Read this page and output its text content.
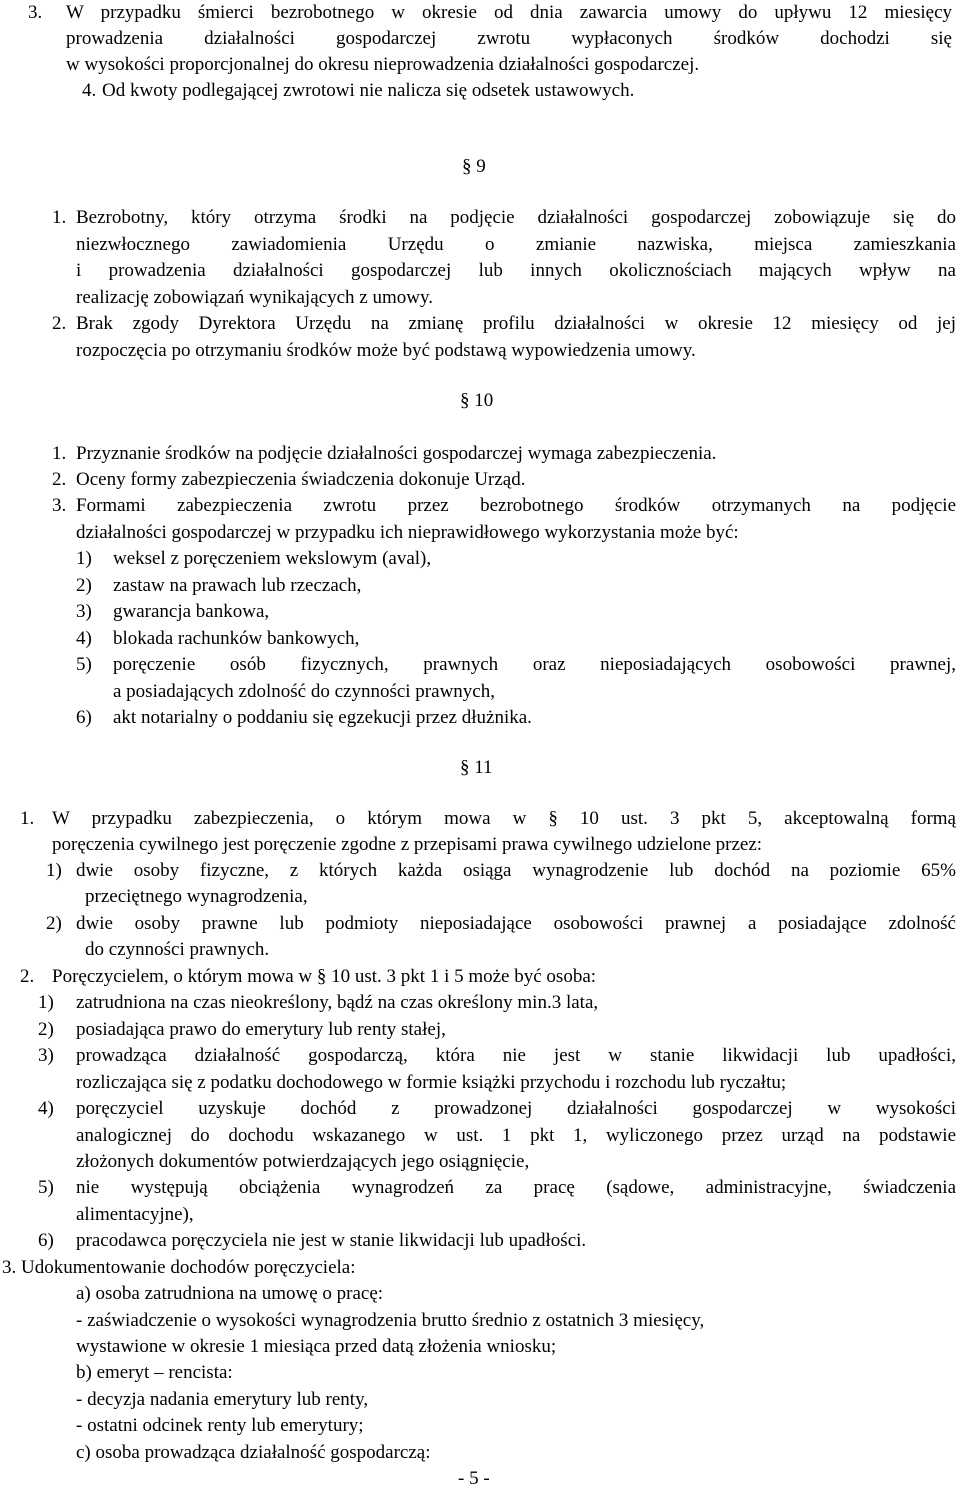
3. W przypadku śmierci bezrobotnego w okresie od dnia zawarcia umowy do upływu 12 miesięcy
prowadzenia działalności gospodarczej zwrotu wypłaconych środków dochodzi się
w wysokości proporcjonalnej do okresu nieprowadzenia działalności gospodarczej.
4. Od kwoty podlegającej zwrotowi nie nalicza się odsetek ustawowych.
§ 9
1. Bezrobotny, który otrzyma środki na podjęcie działalności gospodarczej zobowiązuje się do
niezwłocznego zawiadomienia Urzędu o zmianie nazwiska, miejsca zamieszkania
i prowadzenia działalności gospodarczej lub innych okolicznościach mających wpływ na
realizację zobowiązań wynikających z umowy.
2. Brak zgody Dyrektora Urzędu na zmianę profilu działalności w okresie 12 miesięcy od jej
rozpoczęcia po otrzymaniu środków może być podstawą wypowiedzenia umowy.
§ 10
1. Przyznanie środków na podjęcie działalności gospodarczej wymaga zabezpieczenia.
2. Oceny formy zabezpieczenia świadczenia dokonuje Urząd.
3. Formami zabezpieczenia zwrotu przez bezrobotnego środków otrzymanych na podjęcie
działalności gospodarczej w przypadku ich nieprawidłowego wykorzystania może być:
1) weksel z poręczeniem wekslowym (aval),
2) zastaw na prawach lub rzeczach,
3) gwarancja bankowa,
4) blokada rachunków bankowych,
5) poręczenie osób fizycznych, prawnych oraz nieposiadających osobowości prawnej,
a posiadających zdolność do czynności prawnych,
6) akt notarialny o poddaniu się egzekucji przez dłużnika.
§ 11
1. W przypadku zabezpieczenia, o którym mowa w § 10 ust. 3 pkt 5, akceptowalną formą
poręczenia cywilnego jest poręczenie zgodne z przepisami prawa cywilnego udzielone przez:
1) dwie osoby fizyczne, z których każda osiąga wynagrodzenie lub dochód na poziomie 65%
przeciętnego wynagrodzenia,
2) dwie osoby prawne lub podmioty nieposiadające osobowości prawnej a posiadające zdolność
do czynności prawnych.
2. Poręczycielem, o którym mowa w § 10 ust. 3 pkt 1 i 5 może być osoba:
1) zatrudniona na czas nieokreślony, bądź na czas określony min.3 lata,
2) posiadająca prawo do emerytury lub renty stałej,
3) prowadząca działalność gospodarczą, która nie jest w stanie likwidacji lub upadłości,
rozliczająca się z podatku dochodowego w formie książki przychodu i rozchodu lub ryczałtu;
4) poręczyciel uzyskuje dochód z prowadzonej działalności gospodarczej w wysokości
analogicznej do dochodu wskazanego w ust. 1 pkt 1, wyliczonego przez urząd na podstawie
złożonych dokumentów potwierdzających jego osiągnięcie,
5) nie występują obciążenia wynagrodzeń za pracę (sądowe, administracyjne, świadczenia
alimentacyjne),
6) pracodawca poręczyciela nie jest w stanie likwidacji lub upadłości.
3. Udokumentowanie dochodów poręczyciela:
a) osoba zatrudniona na umowę o pracę:
- zaświadczenie o wysokości wynagrodzenia brutto średnio z ostatnich 3 miesięcy,
wystawione w okresie 1 miesiąca przed datą złożenia wniosku;
b) emeryt – rencista:
- decyzja nadania emerytury lub renty,
- ostatni odcinek renty lub emerytury;
c) osoba prowadząca działalność gospodarczą:
- 5 -
